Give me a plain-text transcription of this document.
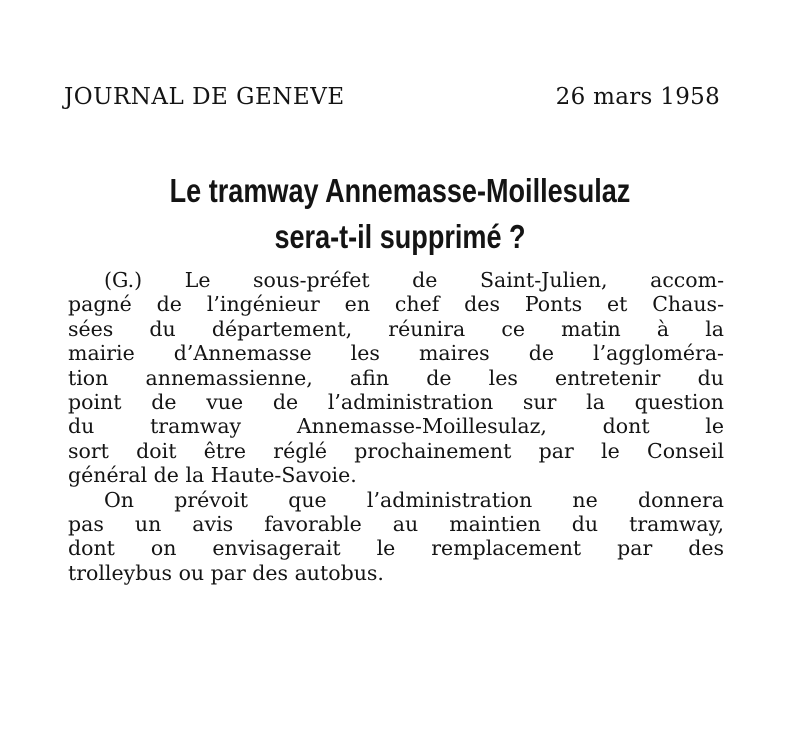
JOURNAL DE GENEVE	26 mars 1958
Le tramway Annemasse-Moillesulaz
sera-t-il supprimé ?
(G.) Le sous-préfet de Saint-Julien, accom-
pagné de l’ingénieur en chef des Ponts et Chaus-
sées du département, réunira ce matin à la
mairie d’Annemasse les maires de l’aggloméra-
tion annemassienne, afin de les entretenir du
point de vue de l’administration sur la question
du tramway Annemasse-Moillesulaz, dont le
sort doit être réglé prochainement par le Conseil
général de la Haute-Savoie.
On prévoit que l’administration ne donnera
pas un avis favorable au maintien du tramway,
dont on envisagerait le remplacement par des
trolleybus ou par des autobus.
